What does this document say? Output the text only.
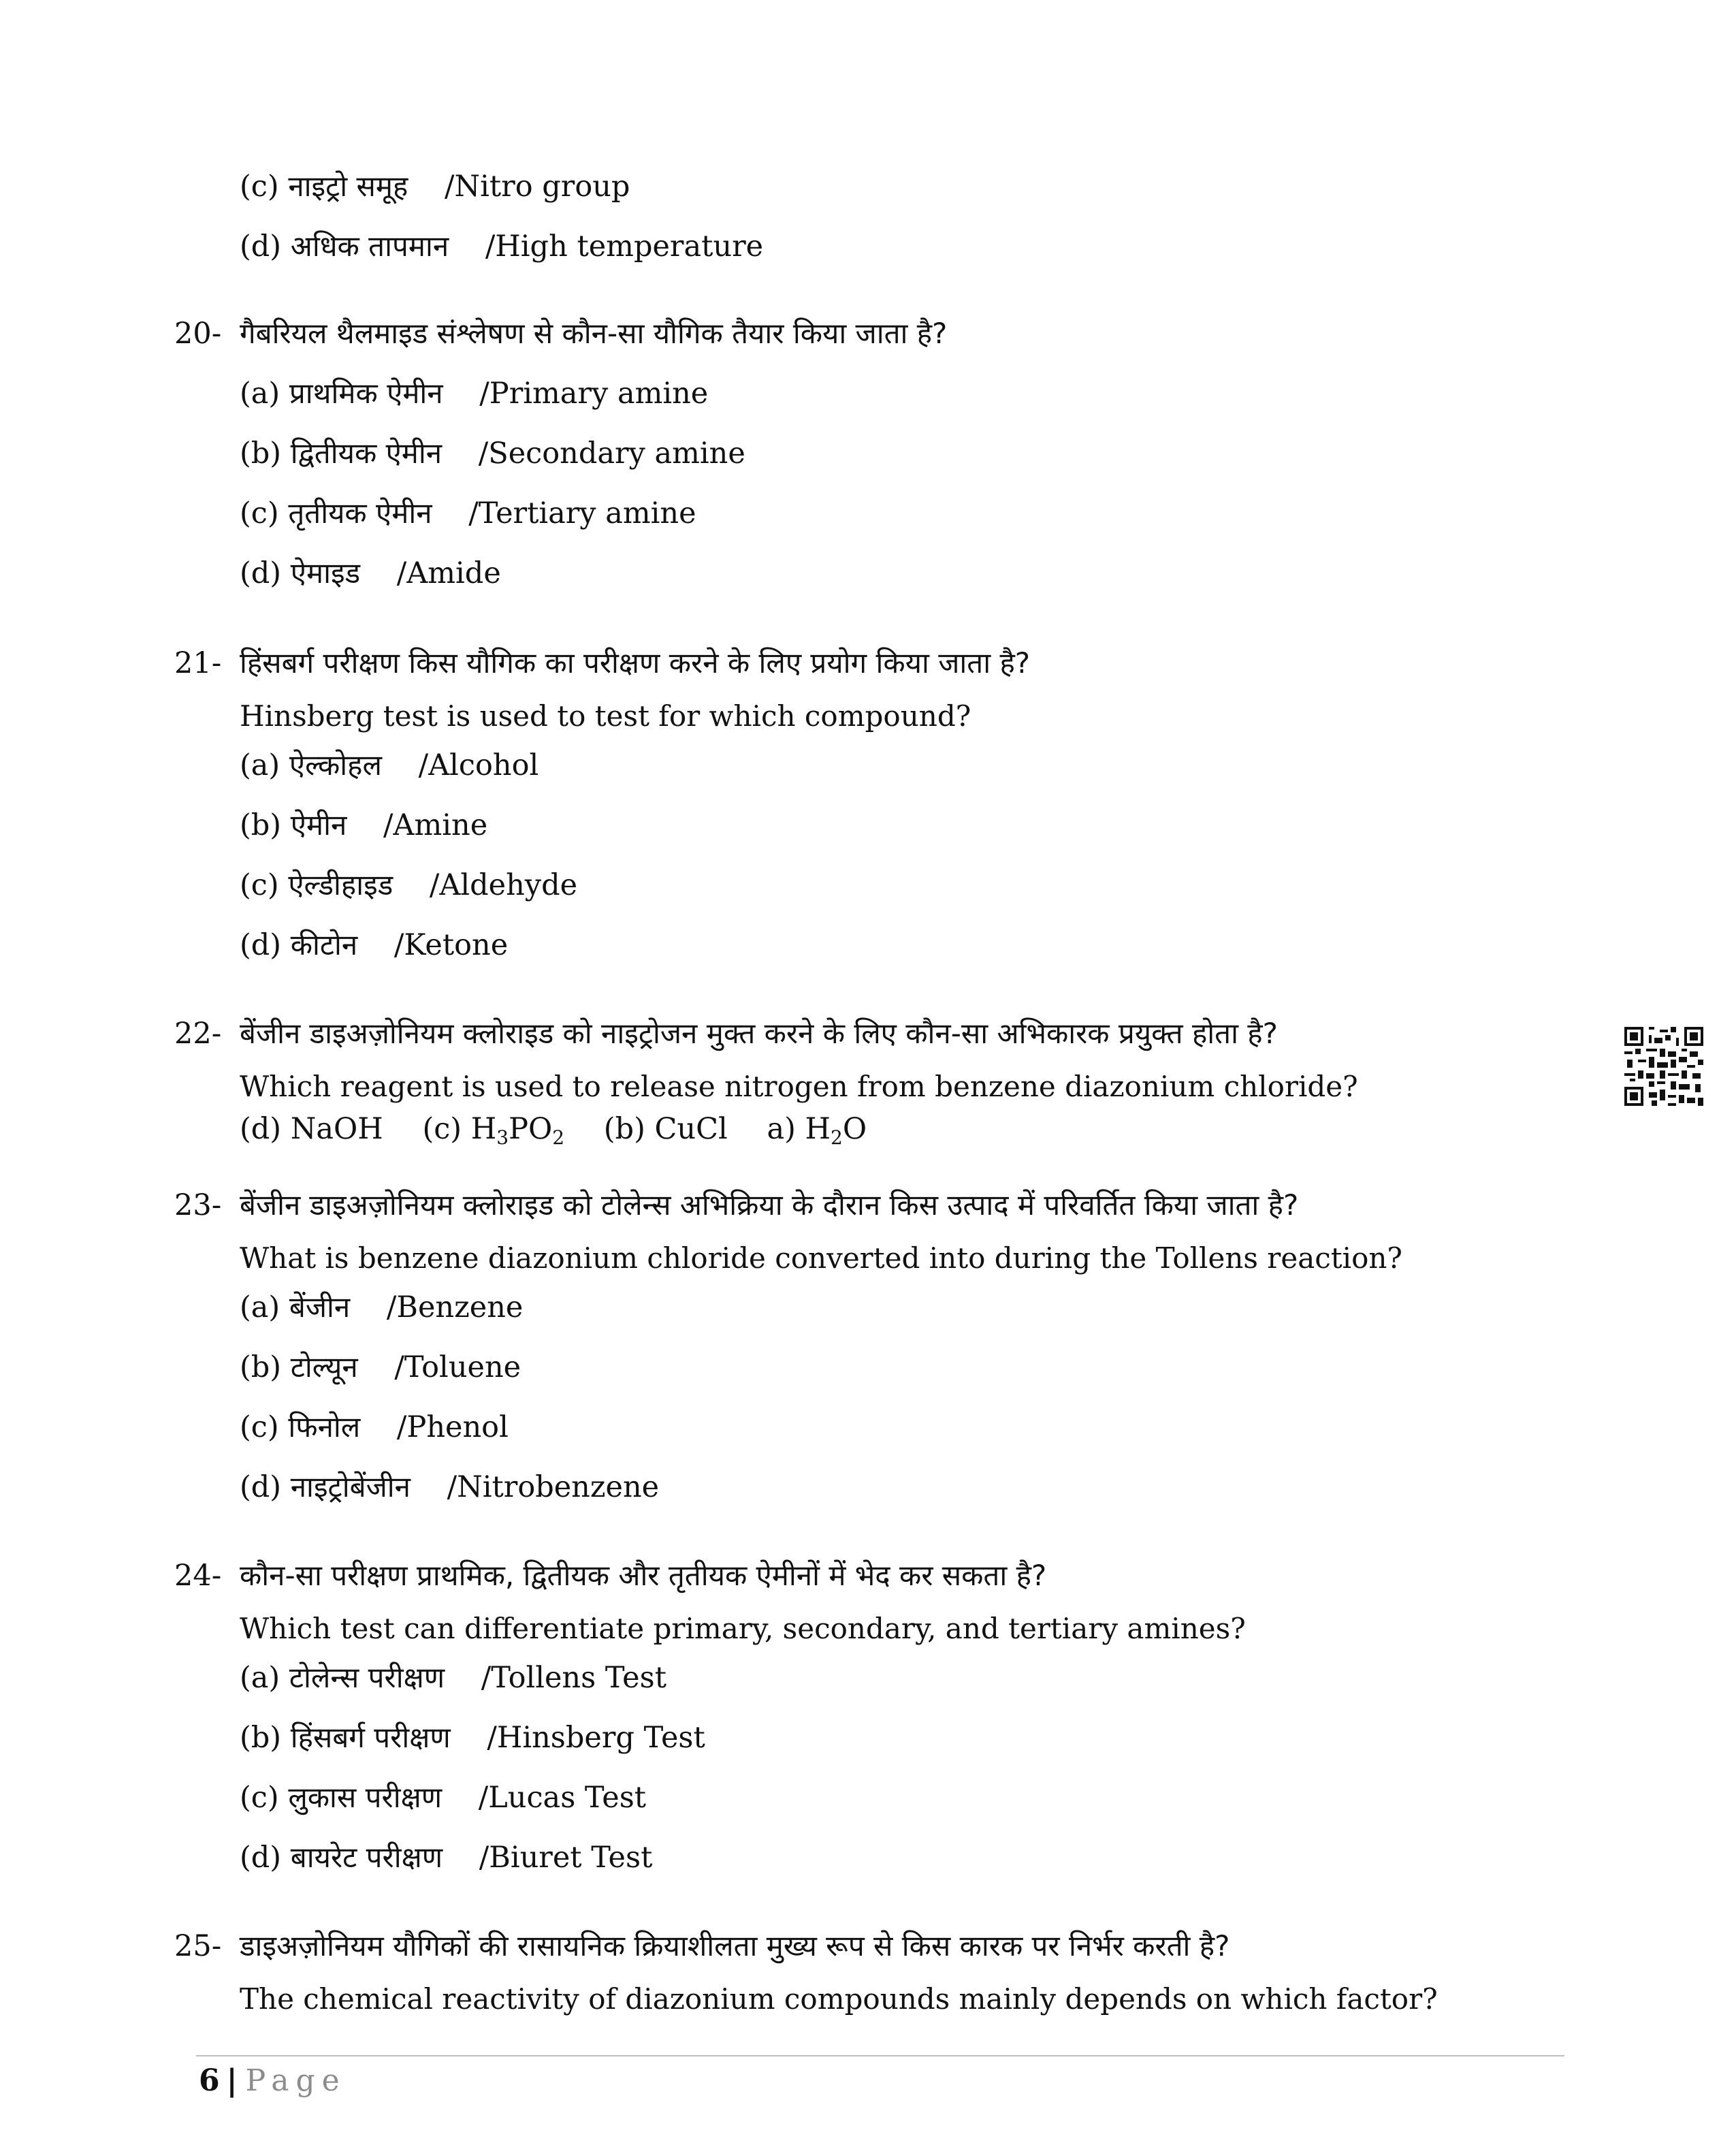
(c) नाइट्रो समूह /Nitro group
(d) अधिक तापमान /High temperature
20- गैबरियल थैलमाइड संश्लेषण से कौन-सा यौगिक तैयार किया जाता है?
(a) प्राथमिक ऐमीन /Primary amine
(b) द्वितीयक ऐमीन /Secondary amine
(c) तृतीयक ऐमीन /Tertiary amine
(d) ऐमाइड /Amide
21- हिंसबर्ग परीक्षण किस यौगिक का परीक्षण करने के लिए प्रयोग किया जाता है?
Hinsberg test is used to test for which compound?
(a) ऐल्कोहल /Alcohol
(b) ऐमीन /Amine
(c) ऐल्डीहाइड /Aldehyde
(d) कीटोन /Ketone
22- बेंजीन डाइअज़ोनियम क्लोराइड को नाइट्रोजन मुक्त करने के लिए कौन-सा अभिकारक प्रयुक्त होता है?
Which reagent is used to release nitrogen from benzene diazonium chloride?
(d) NaOH (c) $H_3PO_2$ (b) CuCl a) $H_2O$
23- बेंजीन डाइअज़ोनियम क्लोराइड को टोलेन्स अभिक्रिया के दौरान किस उत्पाद में परिवर्तित किया जाता है?
What is benzene diazonium chloride converted into during the Tollens reaction?
(a) बेंजीन /Benzene
(b) टोल्यून /Toluene
(c) फिनोल /Phenol
(d) नाइट्रोबेंजीन /Nitrobenzene
24- कौन-सा परीक्षण प्राथमिक, द्वितीयक और तृतीयक ऐमीनों में भेद कर सकता है?
Which test can differentiate primary, secondary, and tertiary amines?
(a) टोलेन्स परीक्षण /Tollens Test
(b) हिंसबर्ग परीक्षण /Hinsberg Test
(c) लुकास परीक्षण /Lucas Test
(d) बायरेट परीक्षण /Biuret Test
25- डाइअज़ोनियम यौगिकों की रासायनिक क्रियाशीलता मुख्य रूप से किस कारक पर निर्भर करती है?
The chemical reactivity of diazonium compounds mainly depends on which factor?
6 | Page
